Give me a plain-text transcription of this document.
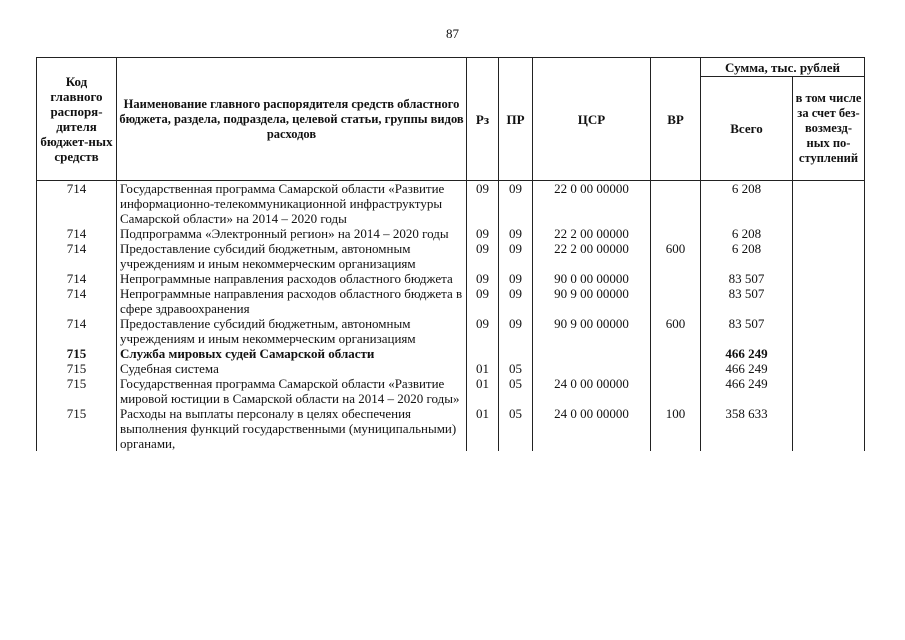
87
Код главного распоря-дителя бюджет-ных средств	Наименование главного распорядителя средств областного бюджета, раздела, подраздела, целевой статьи, группы видов расходов	Рз	ПР	ЦСР	ВР	Сумма, тыс. рублей	
						Всего	в том числе за счет без-возмезд-ных по-ступлений
714	Государственная программа Самарской области «Развитие информационно-телекоммуникационной инфраструктуры Самарской области» на 2014 – 2020 годы	09	09	22 0 00 00000		6 208	
714	Подпрограмма «Электронный регион» на 2014 – 2020 годы	09	09	22 2 00 00000		6 208	
714	Предоставление субсидий бюджетным, автономным учреждениям и иным некоммерческим организациям	09	09	22 2 00 00000	600	6 208	
714	Непрограммные направления расходов областного бюджета	09	09	90 0 00 00000		83 507	
714	Непрограммные направления расходов областного бюджета в сфере здравоохранения	09	09	90 9 00 00000		83 507	
714	Предоставление субсидий бюджетным, автономным учреждениям и иным некоммерческим организациям	09	09	90 9 00 00000	600	83 507	
715	Служба мировых судей Самарской области					466 249	
715	Судебная система	01	05			466 249	
715	Государственная программа Самарской области «Развитие мировой юстиции в Самарской области на 2014 – 2020 годы»	01	05	24 0 00 00000		466 249	
715	Расходы на выплаты персоналу в целях обеспечения выполнения функций государственными (муниципальными) органами,	01	05	24 0 00 00000	100	358 633	
